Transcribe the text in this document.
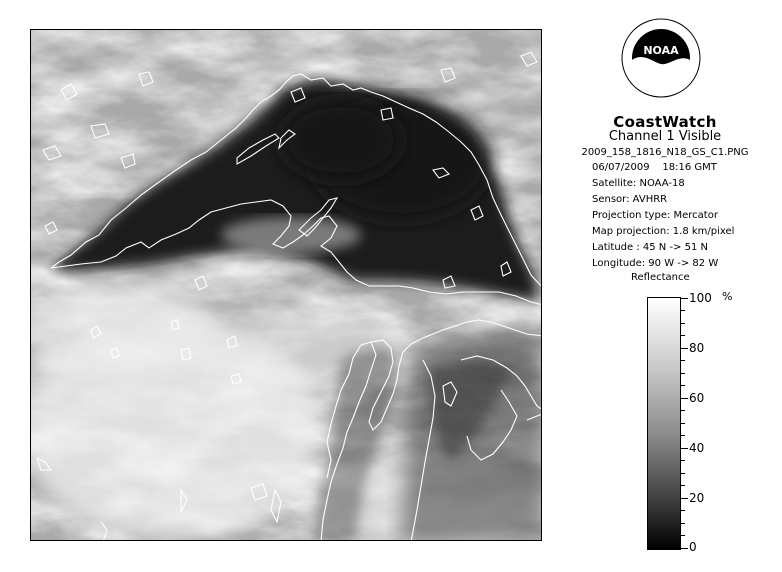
NOAA
CoastWatch
Channel 1 Visible
2009_158_1816_N18_GS_C1.PNG
06/07/2009 18:16 GMT
Satellite: NOAA-18
Sensor: AVHRR
Projection type: Mercator
Map projection: 1.8 km/pixel
Latitude : 45 N -> 51 N
Longitude: 90 W -> 82 W
Reflectance
%
100
80
60
40
20
0
